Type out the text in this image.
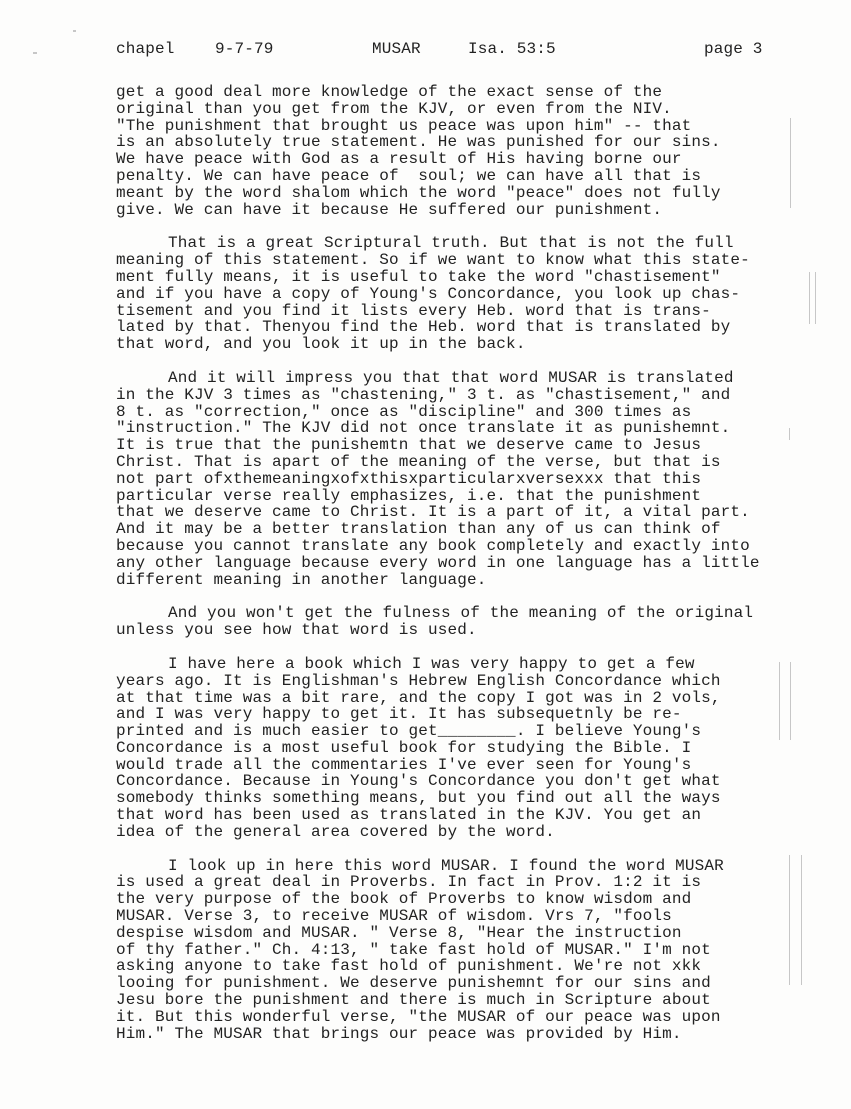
chapel	9-7-79	MUSAR	Isa. 53:5	page 3
get a good deal more knowledge of the exact sense of the
original than you get from the KJV, or even from the NIV.
"The punishment that brought us peace was upon him" -- that
is an absolutely true statement. He was punished for our sins.
We have peace with God as a result of His having borne our
penalty. We can have peace of  soul; we can have all that is
meant by the word shalom which the word "peace" does not fully
give. We can have it because He suffered our punishment.
That is a great Scriptural truth. But that is not the full
meaning of this statement. So if we want to know what this state-
ment fully means, it is useful to take the word "chastisement"
and if you have a copy of Young's Concordance, you look up chas-
tisement and you find it lists every Heb. word that is trans-
lated by that. Thenyou find the Heb. word that is translated by
that word, and you look it up in the back.
And it will impress you that that word MUSAR is translated
in the KJV 3 times as "chastening," 3 t. as "chastisement," and
8 t. as "correction," once as "discipline" and 300 times as
"instruction." The KJV did not once translate it as punishemnt.
It is true that the punishemtn that we deserve came to Jesus
Christ. That is apart of the meaning of the verse, but that is
not part ofxthemeaningxofxthisxparticularxversexxx that this
particular verse really emphasizes, i.e. that the punishment
that we deserve came to Christ. It is a part of it, a vital part.
And it may be a better translation than any of us can think of
because you cannot translate any book completely and exactly into
any other language because every word in one language has a little
different meaning in another language.
And you won't get the fulness of the meaning of the original
unless you see how that word is used.
I have here a book which I was very happy to get a few
years ago. It is Englishman's Hebrew English Concordance which
at that time was a bit rare, and the copy I got was in 2 vols,
and I was very happy to get it. It has subsequetnly be re-
printed and is much easier to get________. I believe Young's
Concordance is a most useful book for studying the Bible. I
would trade all the commentaries I've ever seen for Young's
Concordance. Because in Young's Concordance you don't get what
somebody thinks something means, but you find out all the ways
that word has been used as translated in the KJV. You get an
idea of the general area covered by the word.
I look up in here this word MUSAR. I found the word MUSAR
is used a great deal in Proverbs. In fact in Prov. 1:2 it is
the very purpose of the book of Proverbs to know wisdom and
MUSAR. Verse 3, to receive MUSAR of wisdom. Vrs 7, "fools
despise wisdom and MUSAR. " Verse 8, "Hear the instruction
of thy father." Ch. 4:13, " take fast hold of MUSAR." I'm not
asking anyone to take fast hold of punishment. We're not xkk
looing for punishment. We deserve punishemnt for our sins and
Jesu bore the punishment and there is much in Scripture about
it. But this wonderful verse, "the MUSAR of our peace was upon
Him." The MUSAR that brings our peace was provided by Him.
